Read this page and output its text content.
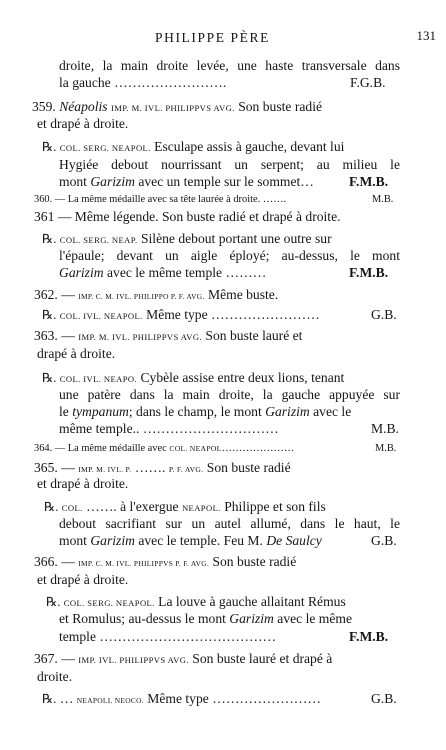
PHILIPPE PÈRE	131
droite, la main droite levée, une haste transversale dans
la gauche …………………….	F.G.B.
359. Néapolis IMP. M. IVL. PHILIPPVS AVG. Son buste radié
et drapé à droite.
℞. COL. SERG. NEAPOL. Esculape assis à gauche, devant lui
Hygiée debout nourrissant un serpent; au milieu le
mont Garizim avec un temple sur le sommet…	F.M.B.
360. — La même médaille avec sa tête laurée à droite. …….	M.B.
361 — Même légende. Son buste radié et drapé à droite.
℞. COL. SERG. NEAP. Silène debout portant une outre sur
l'épaule; devant un aigle éployé; au-dessus, le mont
Garizim avec le même temple ………	F.M.B.
362. — IMP. C. M. IVL. PHILIPPO P. F. AVG. Même buste.
℞. COL. IVL. NEAPOL. Même type ……………………	G.B.
363. — IMP. M. IVL. PHILIPPVS AVG. Son buste lauré et
drapé à droite.
℞. COL. IVL. NEAPO. Cybèle assise entre deux lions, tenant
une patère dans la main droite, la gauche appuyée sur
le tympanum; dans le champ, le mont Garizim avec le
même temple.. …………………………	M.B.
364. — La même médaille avec COL. NEAPOL…………………	M.B.
365. — IMP. M. IVL. P. ……. P. F. AVG. Son buste radié
et drapé à droite.
℞. COL. ……. à l'exergue NEAPOL. Philippe et son fils
debout sacrifiant sur un autel allumé, dans le haut, le
mont Garizim avec le temple. Feu M. De Saulcy	G.B.
366. — IMP. C. M. IVL. PHILIPPVS P. F. AVG. Son buste radié
et drapé à droite.
℞. COL. SERG. NEAPOL. La louve à gauche allaitant Rémus
et Romulus; au-dessus le mont Garizim avec le même
temple …………………………………	F.M.B.
367. — IMP. IVL. PHILIPPVS AVG. Son buste lauré et drapé à
droite.
℞. … NEAPOLI. NEOCO. Même type ……………………	G.B.
